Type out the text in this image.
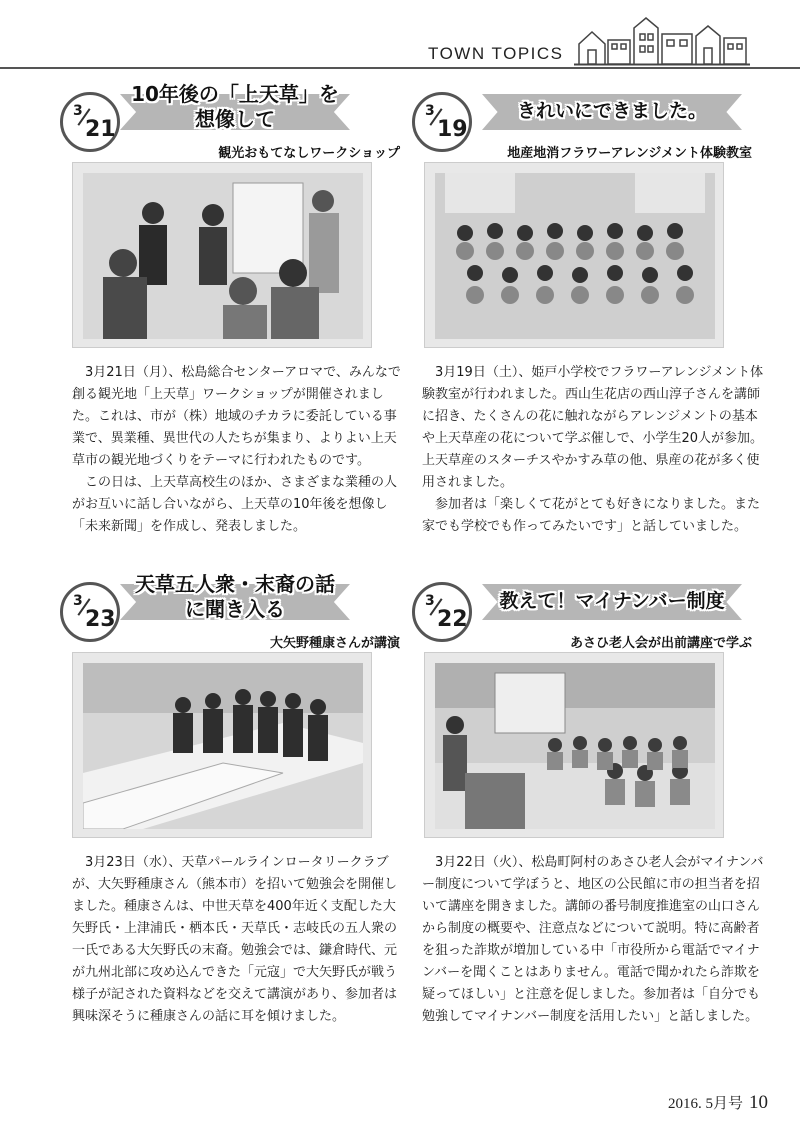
TOWN TOPICS
10年後の「上天草」を
想像して
3
21
観光おもてなしワークショップ

3月21日（月）、松島総合センターアロマで、みんなで創る観光地「上天草」ワークショップが開催されました。これは、市が（株）地域のチカラに委託している事業で、異業種、異世代の人たちが集まり、よりよい上天草市の観光地づくりをテーマに行われたものです。

この日は、上天草高校生のほか、さまざまな業種の人がお互いに話し合いながら、上天草の10年後を想像し「未来新聞」を作成し、発表しました。

きれいにできました。
3
19
地産地消フラワーアレンジメント体験教室

3月19日（土）、姫戸小学校でフラワーアレンジメント体験教室が行われました。西山生花店の西山淳子さんを講師に招き、たくさんの花に触れながらアレンジメントの基本や上天草産の花について学ぶ催しで、小学生20人が参加。上天草産のスターチスやかすみ草の他、県産の花が多く使用されました。

参加者は「楽しくて花がとても好きになりました。また家でも学校でも作ってみたいです」と話していました。

天草五人衆・末裔の話
に聞き入る
3
23
大矢野種康さんが講演

3月23日（水）、天草パールラインロータリークラブが、大矢野種康さん（熊本市）を招いて勉強会を開催しました。種康さんは、中世天草を400年近く支配した大矢野氏・上津浦氏・栖本氏・天草氏・志岐氏の五人衆の一氏である大矢野氏の末裔。勉強会では、鎌倉時代、元が九州北部に攻め込んできた「元寇」で大矢野氏が戦う様子が記された資料などを交えて講演があり、参加者は興味深そうに種康さんの話に耳を傾けました。

教えて！マイナンバー制度
3
22
あさひ老人会が出前講座で学ぶ

3月22日（火）、松島町阿村のあさひ老人会がマイナンバー制度について学ぼうと、地区の公民館に市の担当者を招いて講座を開きました。講師の番号制度推進室の山口さんから制度の概要や、注意点などについて説明。特に高齢者を狙った詐欺が増加している中「市役所から電話でマイナンバーを聞くことはありません。電話で聞かれたら詐欺を疑ってほしい」と注意を促しました。参加者は「自分でも勉強してマイナンバー制度を活用したい」と話しました。

2016. 5月号 10
